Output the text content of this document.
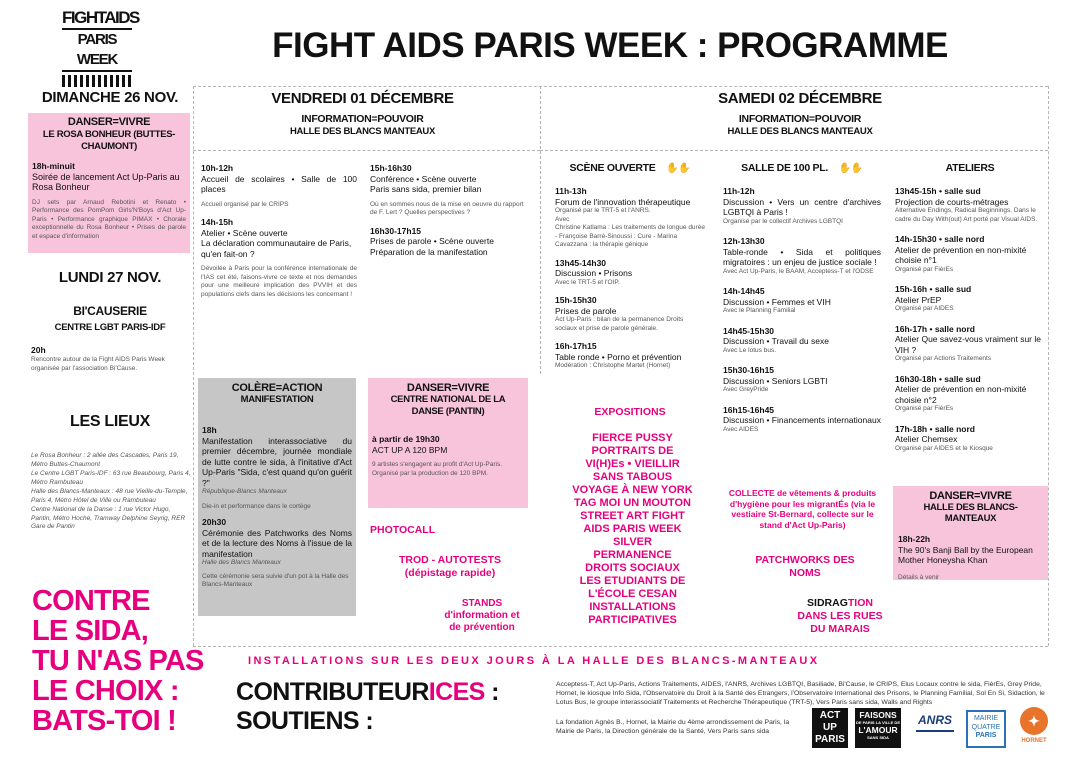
FIGHTAIDS
PARIS WEEK	FIGHT AIDS PARIS WEEK : PROGRAMME
DIMANCHE 26 NOV.
DANSER=VIVRE
LE ROSA BONHEUR (BUTTES-CHAUMONT)
18h-minuit
Soirée de lancement Act Up-Paris au Rosa Bonheur
DJ sets par Arnaud Rebotini et Renato • Performance des PomPom Girls'N'Boys d'Act Up-Paris • Performance graphique PIMAX • Chorale exceptionnelle du Rosa Bonheur • Prises de parole et espace d'information
LUNDI 27 NOV.
BI'CAUSERIE
CENTRE LGBT PARIS-IDF
20h
Rencontre autour de la Fight AIDS Paris Week organisée par l'association Bi'Cause.
LES LIEUX
Le Rosa Bonheur : 2 allée des Cascades, Paris 19, Métro Buttes-Chaumont
Le Centre LGBT Paris-IDF : 63 rue Beaubourg, Paris 4, Métro Rambuteau
Halle des Blancs-Manteaux : 48 rue Vieille-du-Temple, Paris 4, Métro Hôtel de Ville ou Rambuteau
Centre National de la Danse : 1 rue Victor Hugo, Pantin, Métro Hoche, Tramway Delphine Seyrig, RER Gare de Pantin
CONTRE
LE SIDA,
TU N'AS PAS
LE CHOIX :
BATS-TOI !
VENDREDI 01 DÉCEMBRE
INFORMATION=POUVOIR
HALLE DES BLANCS MANTEAUX
10h-12h
Accueil de scolaires • Salle de 100 places
Accueil organisé par le CRIPS
14h-15h
Atelier • Scène ouverte
La déclaration communautaire de Paris, qu'en fait-on ?
Dévoilée à Paris pour la conférence internationale de l'IAS cet été, faisons-vivre ce texte et nos demandes pour une meilleure implication des PVVIH et des populations clefs dans les décisions les concernant !
15h-16h30
Conférence • Scène ouverte
Paris sans sida, premier bilan
Où en sommes nous de la mise en oeuvre du rapport de F. Lert ? Quelles perspectives ?
16h30-17h15
Prises de parole • Scène ouverte
Préparation de la manifestation
COLÈRE=ACTION
MANIFESTATION
18h
Manifestation interassociative du premier décembre, journée mondiale de lutte contre le sida, à l'initative d'Act Up-Paris "Sida, c'est quand qu'on guérit ?"
République-Blancs Manteaux
Die-in et performance dans le cortège
20h30
Cérémonie des Patchworks des Noms et de la lecture des Noms à l'issue de la manifestation
Halle des Blancs Manteaux
Cette cérémonie sera suivie d'un pot à la Halle des Blancs-Manteaux
DANSER=VIVRE
CENTRE NATIONAL DE LA DANSE (PANTIN)
à partir de 19h30
ACT UP A 120 BPM
9 artistes s'engagent au profit d'Act Up-Paris. Organisé par la production de 120 BPM.
SAMEDI 02 DÉCEMBRE
INFORMATION=POUVOIR
HALLE DES BLANCS MANTEAUX
SCÈNE OUVERTE ✋✋	SALLE DE 100 PL. ✋✋	ATELIERS
11h-13h
Forum de l'innovation thérapeutique
Organisé par le TRT-5 et l'ANRS.
Avec
Christine Katlama : Les traitements de longue durée - Françoise Barré-Sinoussi : Cure - Marina Cavazzana : la thérapie génique
13h45-14h30
Discussion • Prisons
Avec le TRT-5 et l'OIP.
15h-15h30
Prises de parole
Act Up-Paris : bilan de la permanence Droits sociaux et prise de parole générale.
16h-17h15
Table ronde • Porno et prévention
Modération : Christophe Martet (Hornet)
11h-12h
Discussion • Vers un centre d'archives LGBTQI à Paris !
Organisé par le collectif Archives LGBTQI
12h-13h30
Table-ronde • Sida et politiques migratoires : un enjeu de justice sociale !
Avec Act Up-Paris, le BAAM, Acceptess-T et l'ODSE
14h-14h45
Discussion • Femmes et VIH
Avec le Planning Familial
14h45-15h30
Discussion • Travail du sexe
Avec Le lotus bus.
15h30-16h15
Discussion • Seniors LGBTI
Avec GreyPride
16h15-16h45
Discussion • Financements internationaux
Avec AIDES
13h45-15h • salle sud
Projection de courts-métrages
Alternative Endings, Radical Beginnings. Dans le cadre du Day With(out) Art porté par Visual AIDS.
14h-15h30 • salle nord
Atelier de prévention en non-mixité choisie n°1
Organisé par FièrEs
15h-16h • salle sud
Atelier PrEP
Organisé par AIDES
16h-17h • salle nord
Atelier Que savez-vous vraiment sur le VIH ?
Organisé par Actions Traitements
16h30-18h • salle sud
Atelier de prévention en non-mixité choisie n°2
Organisé par FièrEs
17h-18h • salle nord
Atelier Chemsex
Organisé par AIDES et le Kiosque
DANSER=VIVRE
HALLE DES BLANCS-MANTEAUX
18h-22h
The 90's Banji Ball by the European Mother Honeysha Khan
Détails à venir
EXPOSITIONS
FIERCE PUSSY
PORTRAITS DE
VI(H)Es • VIEILLIR
SANS TABOUS
VOYAGE À NEW YORK
TAG MOI UN MOUTON
STREET ART FIGHT
AIDS PARIS WEEK
SILVER
PERMANENCE
DROITS SOCIAUX
LES ETUDIANTS DE
L'ÉCOLE CESAN
INSTALLATIONS
PARTICIPATIVES
PHOTOCALL
TROD - AUTOTESTS
(dépistage rapide)
STANDS
d'information et
de prévention
COLLECTE de vêtements & produits d'hygiène pour les migrantÉs (via le vestiaire St-Bernard, collecte sur le stand d'Act Up-Paris)
PATCHWORKS DES
NOMS
SIDRAGTION
DANS LES RUES
DU MARAIS
INSTALLATIONS SUR LES DEUX JOURS À LA HALLE DES BLANCS-MANTEAUX
CONTRIBUTEURICES :
SOUTIENS :
Acceptess-T, Act Up-Paris, Actions Traitements, AIDES, l'ANRS, Archives LGBTQI, Basiliade, Bi'Cause, le CRIPS, Elus Locaux contre le sida, FièrEs, Grey Pride, Hornet, le kiosque Info Sida, l'Observatoire du Droit à la Santé des Etrangers, l'Observatoire International des Prisons, le Planning Familial, Sol En Si, Sidaction, le Lotus Bus, le groupe interassociatif Traitements et Recherche Thérapeutique (TRT-5), Vers Paris sans sida, Walls and Rights
La fondation Agnès B., Hornet, la Mairie du 4ème arrondissement de Paris, la Mairie de Paris, la Direction générale de la Santé, Vers Paris sans sida
ACT
UP
PARIS
FAISONS
DE PARIS LA VILLE DE
L'AMOUR
SANS SIDA
ANRS	MAIRIE
QUATRE
PARIS
✦
HORNET
